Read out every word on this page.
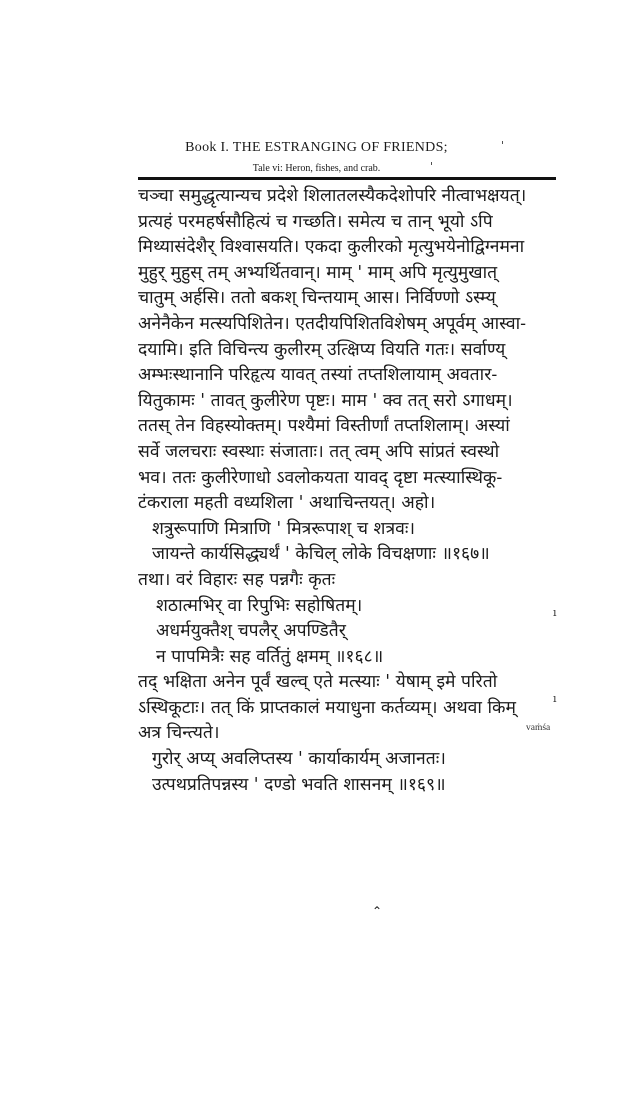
Book I. THE ESTRANGING OF FRIENDS;
Tale vi: Heron, fishes, and crab.
'
'
चञ्चा समुद्धृत्यान्यच प्रदेशे शिलातलस्यैकदेशोपरि नीत्वाभक्षयत्।
प्रत्यहं परमहर्षसौहित्यं च गच्छति। समेत्य च तान् भूयो ऽपि
मिथ्यासंदेशैर् विश्वासयति। एकदा कुलीरको मृत्युभयेनोद्विग्नमना
मुहुर् मुहुस् तम् अभ्यर्थितवान्। माम् ' माम् अपि मृत्युमुखात्
चातुम् अर्हसि। ततो बकश् चिन्तयाम् आस। निर्विण्णो ऽस्म्य्
अनेनैकेन मत्स्यपिशितेन। एतदीयपिशितविशेषम् अपूर्वम् आस्वा-
दयामि। इति विचिन्त्य कुलीरम् उत्क्षिप्य वियति गतः। सर्वाण्य्
अम्भःस्थानानि परिहृत्य यावत् तस्यां तप्तशिलायाम् अवतार-
यितुकामः ' तावत् कुलीरेण पृष्टः। माम ' क्व तत् सरो ऽगाधम्।
ततस् तेन विहस्योक्तम्। पश्यैमां विस्तीर्णां तप्तशिलाम्। अस्यां
सर्वे जलचराः स्वस्थाः संजाताः। तत् त्वम् अपि सांप्रतं स्वस्थो
भव। ततः कुलीरेणाधो ऽवलोकयता यावद् दृष्टा मत्स्यास्थिकू-
टंकराला महती वध्यशिला ' अथाचिन्तयत्। अहो।
शत्रुरूपाणि मित्राणि ' मित्ररूपाश् च शत्रवः।
जायन्ते कार्यसिद्ध्यर्थं ' केचिल् लोके विचक्षणाः ॥१६७॥
तथा। वरं विहारः सह पन्नगैः कृतः
शठात्मभिर् वा रिपुभिः सहोषितम्।
अधर्मयुक्तैश् चपलैर् अपण्डितैर्
न पापमित्रैः सह वर्तितुं क्षमम् ॥१६८॥
तद् भक्षिता अनेन पूर्वं खल्व् एते मत्स्याः ' येषाम् इमे परितो
ऽस्थिकूटाः। तत् किं प्राप्तकालं मयाधुना कर्तव्यम्। अथवा किम्
अत्र चिन्त्यते।
गुरोर् अप्य् अवलिप्तस्य ' कार्याकार्यम् अजानतः।
उत्पथप्रतिपन्नस्य ' दण्डो भवति शासनम् ॥१६९॥
vaṁśa
ı
ı
⌃
